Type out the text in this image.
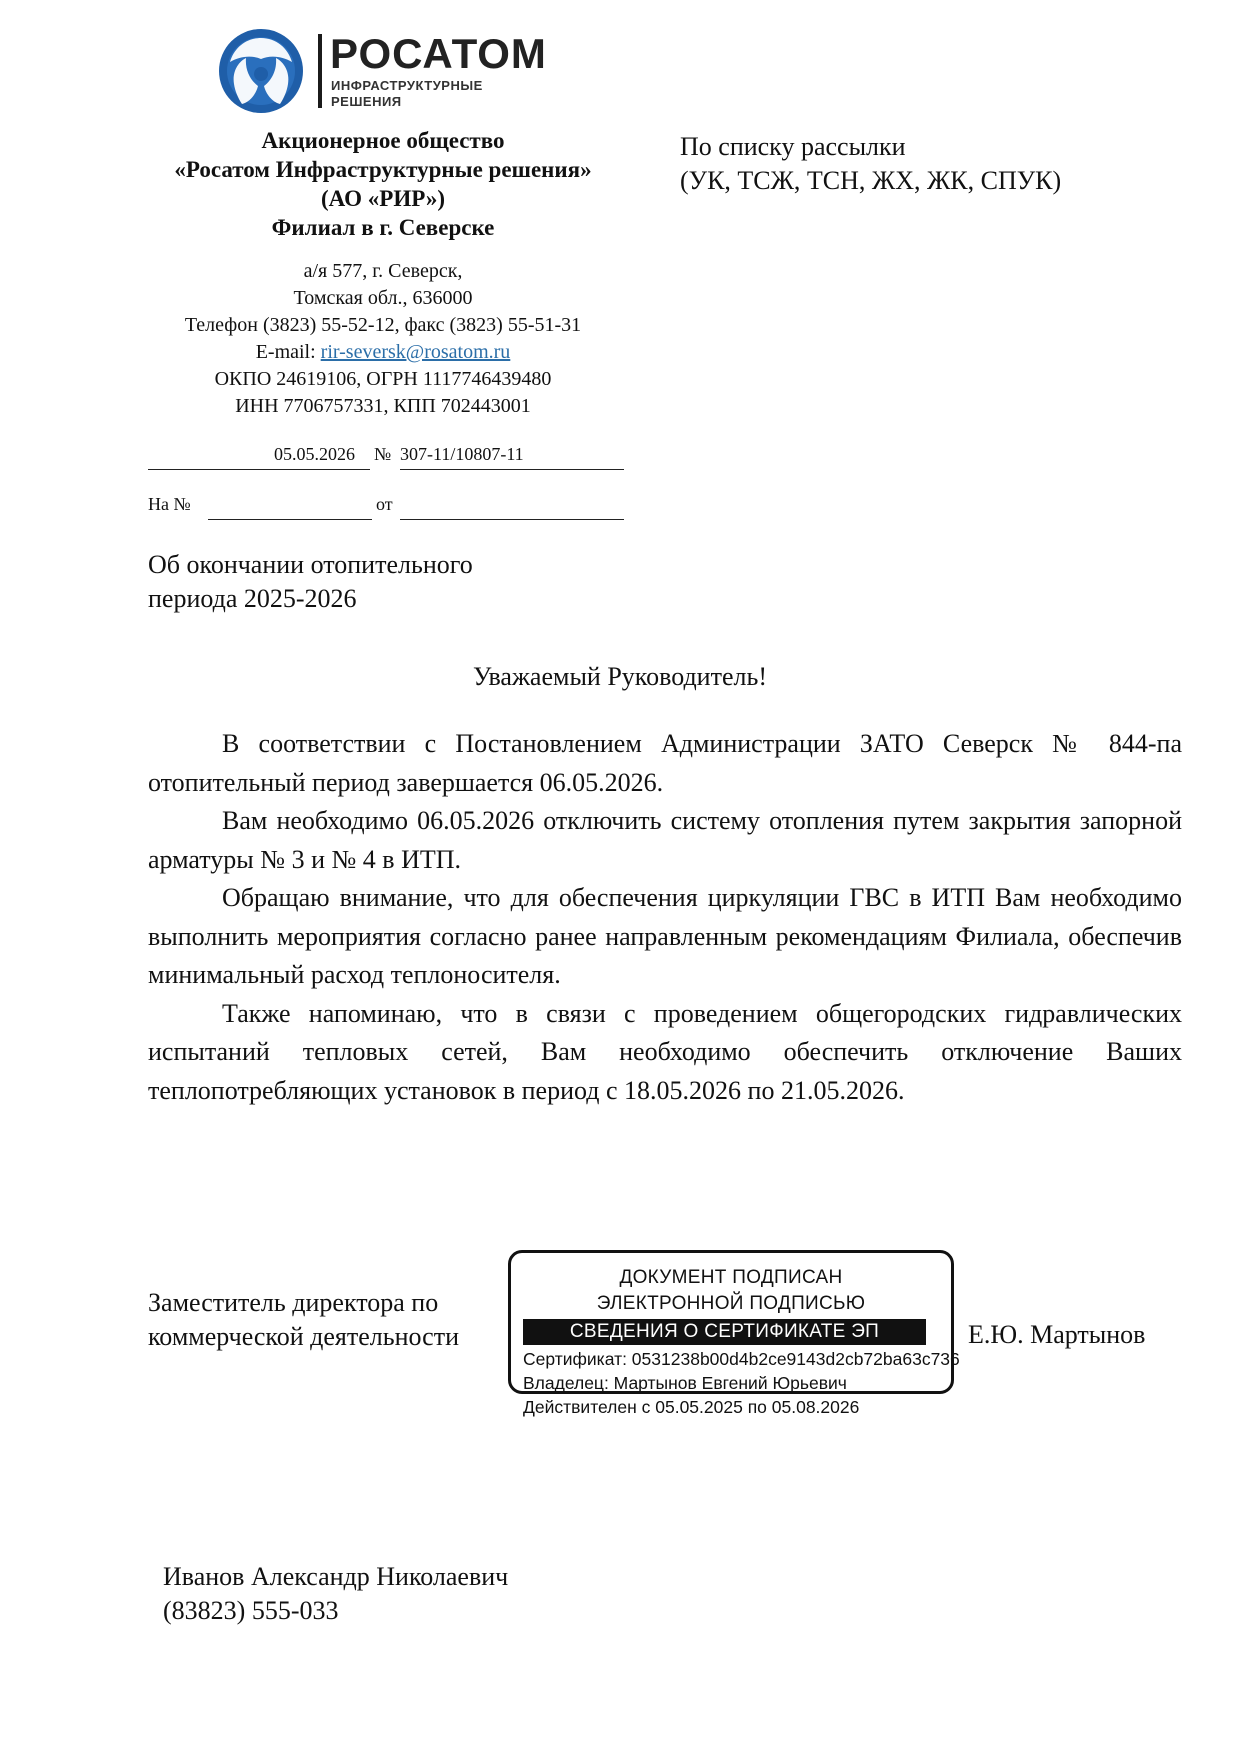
РОСАТОМ
ИНФРАСТРУКТУРНЫЕ
РЕШЕНИЯ
Акционерное общество
«Росатом Инфраструктурные решения»
(АО «РИР»)
Филиал в г. Северске
а/я 577, г. Северск,
Томская обл., 636000
Телефон (3823) 55-52-12, факс (3823) 55-51-31
E-mail: rir-seversk@rosatom.ru
ОКПО 24619106, ОГРН 1117746439480
ИНН 7706757331, КПП 702443001
05.05.2026 № 307-11/10807-11
На №	от
По списку рассылки
(УК, ТСЖ, ТСН, ЖХ, ЖК, СПУК)
Об окончании отопительного
периода 2025-2026
Уважаемый Руководитель!

В соответствии с Постановлением Администрации ЗАТО Северск № 844-па отопительный период завершается 06.05.2026.

Вам необходимо 06.05.2026 отключить систему отопления путем закрытия запорной арматуры № 3 и № 4 в ИТП.

Обращаю внимание, что для обеспечения циркуляции ГВС в ИТП Вам необходимо выполнить мероприятия согласно ранее направленным рекомендациям Филиала, обеспечив минимальный расход теплоносителя.

Также напоминаю, что в связи с проведением общегородских гидравлических испытаний тепловых сетей, Вам необходимо обеспечить отключение Ваших теплопотребляющих установок в период с 18.05.2026 по 21.05.2026.

Заместитель директора по
коммерческой деятельности
ДОКУМЕНТ ПОДПИСАН
ЭЛЕКТРОННОЙ ПОДПИСЬЮ
СВЕДЕНИЯ О СЕРТИФИКАТЕ ЭП
Сертификат: 0531238b00d4b2ce9143d2cb72ba63c736
Владелец: Мартынов Евгений Юрьевич
Действителен с 05.05.2025 по 05.08.2026
Е.Ю. Мартынов
Иванов Александр Николаевич
(83823) 555-033
